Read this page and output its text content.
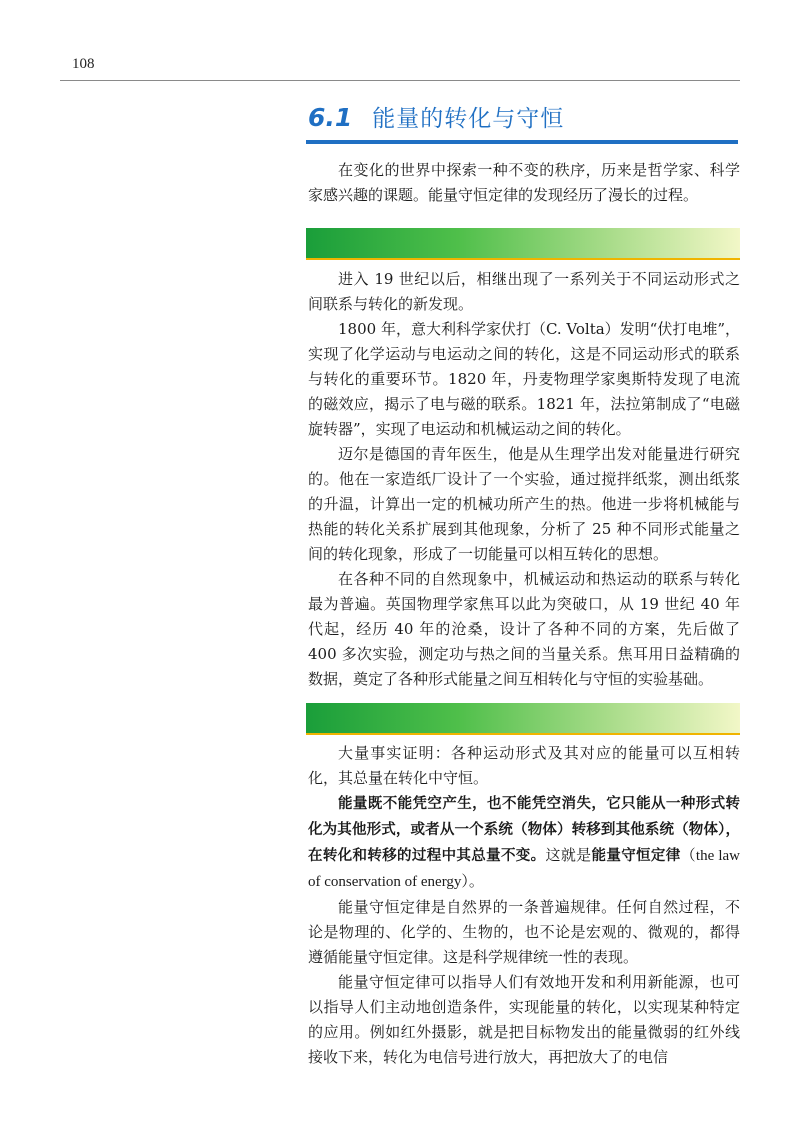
108
6.1 能量的转化与守恒

在变化的世界中探索一种不变的秩序，历来是哲学家、科学家感兴趣的课题。能量守恒定律的发现经历了漫长的过程。

进入 19 世纪以后，相继出现了一系列关于不同运动形式之间联系与转化的新发现。

1800 年，意大利科学家伏打（C. Volta）发明“伏打电堆”，实现了化学运动与电运动之间的转化，这是不同运动形式的联系与转化的重要环节。1820 年，丹麦物理学家奥斯特发现了电流的磁效应，揭示了电与磁的联系。1821 年，法拉第制成了“电磁旋转器”，实现了电运动和机械运动之间的转化。

迈尔是德国的青年医生，他是从生理学出发对能量进行研究的。他在一家造纸厂设计了一个实验，通过搅拌纸浆，测出纸浆的升温，计算出一定的机械功所产生的热。他进一步将机械能与热能的转化关系扩展到其他现象，分析了 25 种不同形式能量之间的转化现象，形成了一切能量可以相互转化的思想。

在各种不同的自然现象中，机械运动和热运动的联系与转化最为普遍。英国物理学家焦耳以此为突破口，从 19 世纪 40 年代起，经历 40 年的沧桑，设计了各种不同的方案，先后做了 400 多次实验，测定功与热之间的当量关系。焦耳用日益精确的数据，奠定了各种形式能量之间互相转化与守恒的实验基础。

大量事实证明：各种运动形式及其对应的能量可以互相转化，其总量在转化中守恒。

能量既不能凭空产生，也不能凭空消失，它只能从一种形式转化为其他形式，或者从一个系统（物体）转移到其他系统（物体），在转化和转移的过程中其总量不变。这就是能量守恒定律（the law of conservation of energy）。

能量守恒定律是自然界的一条普遍规律。任何自然过程，不论是物理的、化学的、生物的，也不论是宏观的、微观的，都得遵循能量守恒定律。这是科学规律统一性的表现。

能量守恒定律可以指导人们有效地开发和利用新能源，也可以指导人们主动地创造条件，实现能量的转化，以实现某种特定的应用。例如红外摄影，就是把目标物发出的能量微弱的红外线接收下来，转化为电信号进行放大，再把放大了的电信
